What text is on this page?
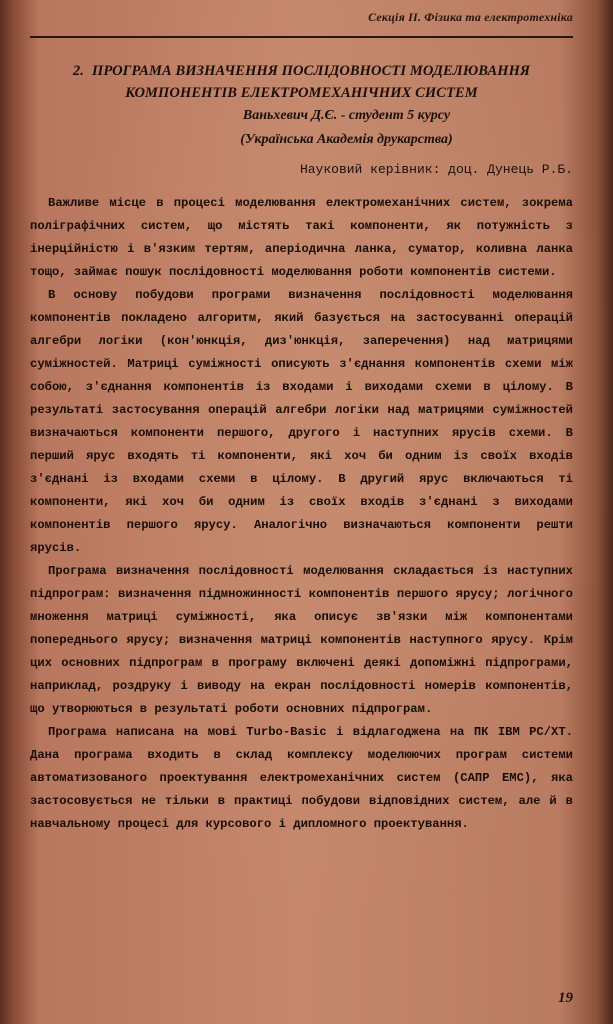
Секція II. Фізика та електротехніка
2. ПРОГРАМА ВИЗНАЧЕННЯ ПОСЛІДОВНОСТІ МОДЕЛЮВАННЯ
КОМПОНЕНТІВ ЕЛЕКТРОМЕХАНІЧНИХ СИСТЕМ
Ваньхевич Д.Є. - студент 5 курсу
(Українська Академія друкарства)
Науковий керівник: доц. Дунець Р.Б.

Важливе місце в процесі моделювання електромеханічних систем, зокрема поліграфічних систем, що містять такі компоненти, як потужність з інерційністю і в'язким тертям, аперіодична ланка, суматор, коливна ланка тощо, займає пошук послідовності моделювання роботи компонентів системи.

В основу побудови програми визначення послідовності моделювання компонентів покладено алгоритм, який базується на застосуванні операцій алгебри логіки (кон'юнкція, диз'юнкція, заперечення) над матрицями суміжностей. Матриці суміжності описують з'єднання компонентів схеми між собою, з'єднання компонентів із входами і виходами схеми в цілому. В результаті застосування операцій алгебри логіки над матрицями суміжностей визначаються компоненти першого, другого і наступних ярусів схеми. В перший ярус входять ті компоненти, які хоч би одним із своїх входів з'єднані із входами схеми в цілому. В другий ярус включаються ті компоненти, які хоч би одним із своїх входів з'єднані з виходами компонентів першого ярусу. Аналогічно визначаються компоненти решти ярусів.

Програма визначення послідовності моделювання складається із наступних підпрограм: визначення підмножинності компонентів першого ярусу; логічного множення матриці суміжності, яка описує зв'язки між компонентами попереднього ярусу; визначення матриці компонентів наступного ярусу. Крім цих основних підпрограм в програму включені деякі допоміжні підпрограми, наприклад, роздруку і виводу на екран послідовності номерів компонентів, що утворюються в результаті роботи основних підпрограм.

Програма написана на мові Turbo-Basic і відлагоджена на ПК IBM PC/XT. Дана програма входить в склад комплексу моделюючих програм системи автоматизованого проектування електромеханічних систем (САПР ЕМС), яка застосовується не тільки в практиці побудови відповідних систем, але й в навчальному процесі для курсового і дипломного проектування.

19
